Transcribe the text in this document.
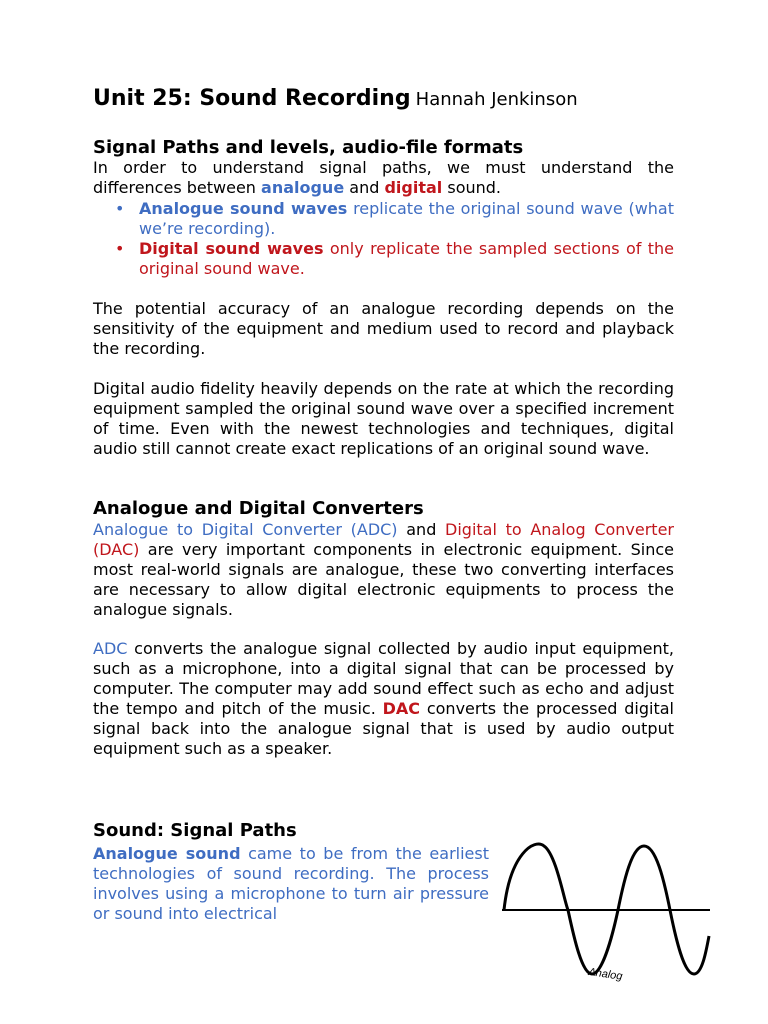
Unit 25: Sound Recording Hannah Jenkinson
Signal Paths and levels, audio-file formats

In order to understand signal paths, we must understand the differences between analogue and digital sound.

• Analogue sound waves replicate the original sound wave (what we’re recording).
• Digital sound waves only replicate the sampled sections of the original sound wave.

The potential accuracy of an analogue recording depends on the sensitivity of the equipment and medium used to record and playback the recording.

Digital audio fidelity heavily depends on the rate at which the recording equipment sampled the original sound wave over a specified increment of time. Even with the newest technologies and techniques, digital audio still cannot create exact replications of an original sound wave.

Analogue and Digital Converters

Analogue to Digital Converter (ADC) and Digital to Analog Converter (DAC) are very important components in electronic equipment. Since most real-world signals are analogue, these two converting interfaces are necessary to allow digital electronic equipments to process the analogue signals.

ADC converts the analogue signal collected by audio input equipment, such as a microphone, into a digital signal that can be processed by computer. The computer may add sound effect such as echo and adjust the tempo and pitch of the music. DAC converts the processed digital signal back into the analogue signal that is used by audio output equipment such as a speaker.

Sound: Signal Paths

Analogue sound came to be from the earliest technologies of sound recording. The process involves using a microphone to turn air pressure or sound into electrical

Analog
